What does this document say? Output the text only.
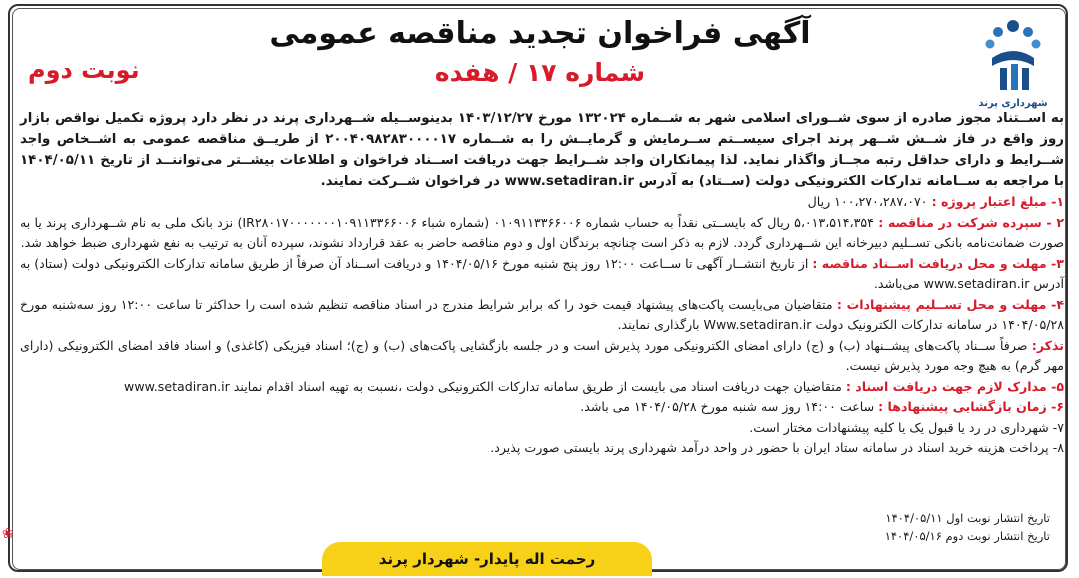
شهرداری پرند
آگهی فراخوان تجدید مناقصه عمومی
شماره ۱۷ / هفده
نوبت دوم
به اســتناد مجوز صادره از سوی شــورای اسلامی شهر به شــماره ۱۳۲۰۲۴ مورخ ۱۴۰۳/۱۲/۲۷ بدینوســیله شــهرداری پرند در نظر دارد پروژه تکمیل نواقص بازار روز واقع در فاز شــش شــهر پرند اجرای سیســتم ســرمایش و گرمایــش را به شــماره ۲۰۰۴۰۹۸۲۸۳۰۰۰۰۱۷ از طریــق مناقصه عمومی به اشــخاص واجد شــرایط و دارای حداقل رتبه مجــاز واگذار نماید. لذا پیمانکاران واجد شــرایط جهت دریافت اســناد فراخوان و اطلاعات بیشــتر می‌تواننــد از تاریخ ۱۴۰۴/۰۵/۱۱ با مراجعه به ســامانه تدارکات الکترونیکی دولت (ســتاد) به آدرس www.setadiran.ir در فراخوان شــرکت نمایند.
۱- مبلغ اعتبار پروژه : ۱۰۰،۲۷۰،۲۸۷،۰۷۰ ریال
۲ - سپرده شرکت در مناقصه : ۵،۰۱۳،۵۱۴،۳۵۴ ریال که بایســتی نقداً به حساب شماره ۰۱۰۹۱۱۳۳۶۶۰۰۶ (شماره شباء IR۲۸۰۱۷۰۰۰۰۰۰۰۱۰۹۱۱۳۳۶۶۰۰۶) نزد بانک ملی به نام شــهرداری پرند یا به صورت ضمانت‌نامه بانکی تســلیم دبیرخانه این شــهرداری گردد. لازم به ذکر است چنانچه برندگان اول و دوم مناقصه حاضر به عقد قرارداد نشوند، سپرده آنان به ترتیب به نفع شهرداری ضبط خواهد شد.
۳- مهلت و محل دریافت اســناد مناقصه : از تاریخ انتشــار آگهی تا ســاعت ۱۲:۰۰ روز پنج شنبه مورخ ۱۴۰۴/۰۵/۱۶ و دریافت اســناد آن صرفاً از طریق سامانه تدارکات الکترونیکی دولت (ستاد) به آدرس www.setadiran.ir می‌باشد.
۴- مهلت و محل تســلیم پیشنهادات : متقاضیان می‌بایست پاکت‌های پیشنهاد قیمت خود را که برابر شرایط مندرج در اسناد مناقصه تنظیم شده است را حداکثر تا ساعت ۱۲:۰۰ روز سه‌شنبه مورخ ۱۴۰۴/۰۵/۲۸ در سامانه تدارکات الکترونیک دولت Www.setadiran.ir بارگذاری نمایند.
تذکر: صرفاً ســناد پاکت‌های پیشــنهاد (ب) و (ج) دارای امضای الکترونیکی مورد پذیرش است و در جلسه بازگشایی پاکت‌های (ب) و (ج)؛ اسناد فیزیکی (کاغذی) و اسناد فاقد امضای الکترونیکی (دارای مهر گرم) به هیچ وجه مورد پذیرش نیست.
۵- مدارک لازم جهت دریافت اسناد : متقاضیان جهت دریافت اسناد می بایست از طریق سامانه تدارکات الکترونیکی دولت ،نسبت به تهیه اسناد اقدام نمایند www.setadiran.ir
۶- زمان بازگشایی پیشنهادها : ساعت ۱۴:۰۰ روز سه شنبه مورخ ۱۴۰۴/۰۵/۲۸ می باشد.
۷- شهرداری در رد یا قبول یک یا کلیه پیشنهادات مختار است.
۸- پرداخت هزینه خرید اسناد در سامانه ستاد ایران با حضور در واحد درآمد شهرداری پرند بایستی صورت پذیرد.
تاریخ انتشار نوبت اول ۱۴۰۴/۰۵/۱۱
تاریخ انتشار نوبت دوم ۱۴۰۴/۰۵/۱۶
رحمت اله پایدار- شهردار پرند
❀
